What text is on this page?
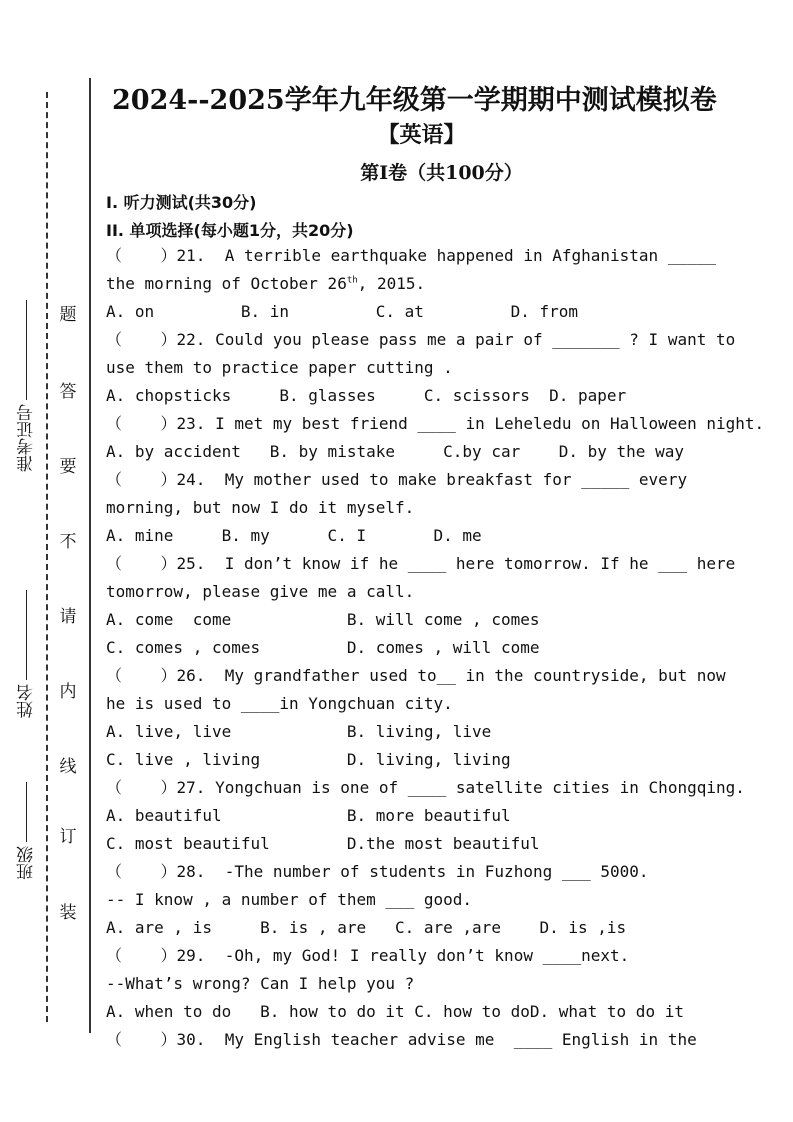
班级
姓名
准考证号
装
订
线
内
请
不
要
答
题
2024--2025学年九年级第一学期期中测试模拟卷
【英语】
第I卷（共100分）
I. 听力测试(共30分)
II. 单项选择(每小题1分，共20分)
（    ）21.  A terrible earthquake happened in Afghanistan _____
the morning of October 26th, 2015.
A. on         B. in         C. at         D. from
（    ）22. Could you please pass me a pair of _______ ? I want to
use them to practice paper cutting .
A. chopsticks     B. glasses     C. scissors  D. paper
（    ）23. I met my best friend ____ in Leheledu on Halloween night.
A. by accident   B. by mistake     C.by car    D. by the way
（    ）24.  My mother used to make breakfast for _____ every
morning, but now I do it myself.
A. mine     B. my      C. I       D. me
（    ）25.  I don’t know if he ____ here tomorrow. If he ___ here
tomorrow, please give me a call.
A. come  come            B. will come , comes
C. comes , comes         D. comes , will come
（    ）26.  My grandfather used to__ in the countryside, but now
he is used to ____in Yongchuan city.
A. live, live            B. living, live
C. live , living         D. living, living
（    ）27. Yongchuan is one of ____ satellite cities in Chongqing.
A. beautiful             B. more beautiful
C. most beautiful        D.the most beautiful
（    ）28.  -The number of students in Fuzhong ___ 5000.
-- I know , a number of them ___ good.
A. are , is     B. is , are   C. are ,are    D. is ,is
（    ）29.  -Oh, my God! I really don’t know ____next.
--What’s wrong? Can I help you ?
A. when to do   B. how to do it C. how to doD. what to do it
（    ）30.  My English teacher advise me  ____ English in the
